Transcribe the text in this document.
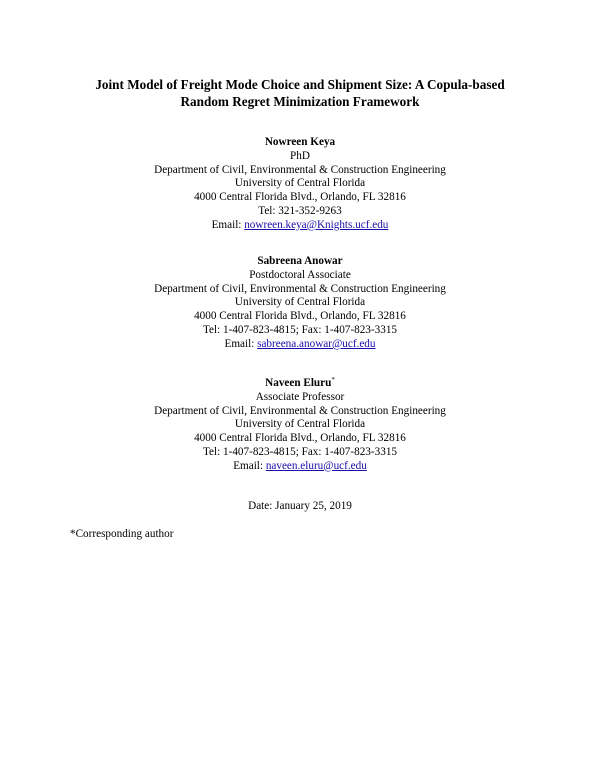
Joint Model of Freight Mode Choice and Shipment Size: A Copula-based
Random Regret Minimization Framework
Nowreen Keya
PhD
Department of Civil, Environmental & Construction Engineering
University of Central Florida
4000 Central Florida Blvd., Orlando, FL 32816
Tel: 321-352-9263
Email: nowreen.keya@Knights.ucf.edu
Sabreena Anowar
Postdoctoral Associate
Department of Civil, Environmental & Construction Engineering
University of Central Florida
4000 Central Florida Blvd., Orlando, FL 32816
Tel: 1-407-823-4815; Fax: 1-407-823-3315
Email: sabreena.anowar@ucf.edu
Naveen Eluru*
Associate Professor
Department of Civil, Environmental & Construction Engineering
University of Central Florida
4000 Central Florida Blvd., Orlando, FL 32816
Tel: 1-407-823-4815; Fax: 1-407-823-3315
Email: naveen.eluru@ucf.edu
Date: January 25, 2019
*Corresponding author
